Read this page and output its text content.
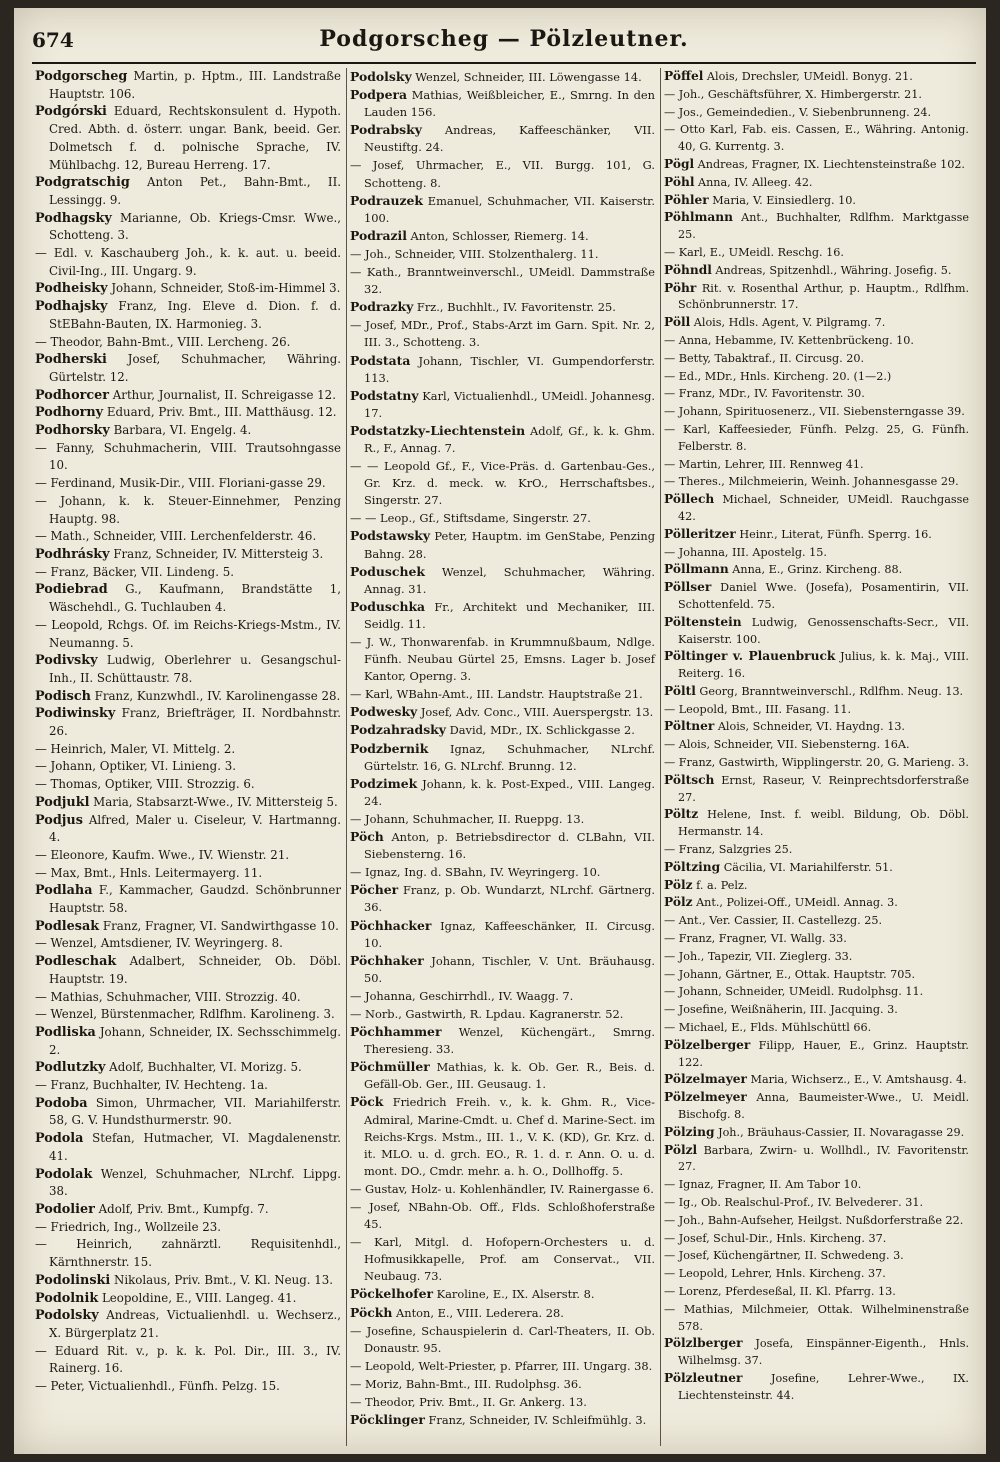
674	Podgorscheg — Pölzleutner.

Podgorscheg Martin, p. Hptm., III. Landstraße Hauptstr. 106.

Podgórski Eduard, Rechtskonsulent d. Hypoth. Cred. Abth. d. österr. ungar. Bank, beeid. Ger. Dolmetsch f. d. polnische Sprache, IV. Mühlbachg. 12, Bureau Herreng. 17.

Podgratschig Anton Pet., Bahn-Bmt., II. Lessingg. 9.

Podhagsky Marianne, Ob. Kriegs-Cmsr. Wwe., Schotteng. 3.

— Edl. v. Kaschauberg Joh., k. k. aut. u. beeid. Civil-Ing., III. Ungarg. 9.

Podheisky Johann, Schneider, Stoß-im-Himmel 3.

Podhajsky Franz, Ing. Eleve d. Dion. f. d. StEBahn-Bauten, IX. Harmonieg. 3.

— Theodor, Bahn-Bmt., VIII. Lercheng. 26.

Podherski Josef, Schuhmacher, Währing. Gürtelstr. 12.

Podhorcer Arthur, Journalist, II. Schreigasse 12.

Podhorny Eduard, Priv. Bmt., III. Matthäusg. 12.

Podhorsky Barbara, VI. Engelg. 4.

— Fanny, Schuhmacherin, VIII. Trautsohngasse 10.

— Ferdinand, Musik-Dir., VIII. Floriani-gasse 29.

— Johann, k. k. Steuer-Einnehmer, Penzing Hauptg. 98.

— Math., Schneider, VIII. Lerchenfelderstr. 46.

Podhrásky Franz, Schneider, IV. Mittersteig 3.

— Franz, Bäcker, VII. Lindeng. 5.

Podiebrad G., Kaufmann, Brandstätte 1, Wäschehdl., G. Tuchlauben 4.

— Leopold, Rchgs. Of. im Reichs-Kriegs-Mstm., IV. Neumanng. 5.

Podivsky Ludwig, Oberlehrer u. Gesangschul-Inh., II. Schüttaustr. 78.

Podisch Franz, Kunzwhdl., IV. Karolinengasse 28.

Podiwinsky Franz, Briefträger, II. Nordbahnstr. 26.

— Heinrich, Maler, VI. Mittelg. 2.

— Johann, Optiker, VI. Linieng. 3.

— Thomas, Optiker, VIII. Strozzig. 6.

Podjukl Maria, Stabsarzt-Wwe., IV. Mittersteig 5.

Podjus Alfred, Maler u. Ciseleur, V. Hartmanng. 4.

— Eleonore, Kaufm. Wwe., IV. Wienstr. 21.

— Max, Bmt., Hnls. Leitermayerg. 11.

Podlaha F., Kammacher, Gaudzd. Schönbrunner Hauptstr. 58.

Podlesak Franz, Fragner, VI. Sandwirthgasse 10.

— Wenzel, Amtsdiener, IV. Weyringerg. 8.

Podleschak Adalbert, Schneider, Ob. Döbl. Hauptstr. 19.

— Mathias, Schuhmacher, VIII. Strozzig. 40.

— Wenzel, Bürstenmacher, Rdlfhm. Karolineng. 3.

Podliska Johann, Schneider, IX. Sechsschimmelg. 2.

Podlutzky Adolf, Buchhalter, VI. Morizg. 5.

— Franz, Buchhalter, IV. Hechteng. 1a.

Podoba Simon, Uhrmacher, VII. Mariahilferstr. 58, G. V. Hundsthurmerstr. 90.

Podola Stefan, Hutmacher, VI. Magdalenenstr. 41.

Podolak Wenzel, Schuhmacher, NLrchf. Lippg. 38.

Podolier Adolf, Priv. Bmt., Kumpfg. 7.

— Friedrich, Ing., Wollzeile 23.

— Heinrich, zahnärztl. Requisitenhdl., Kärnthnerstr. 15.

Podolinski Nikolaus, Priv. Bmt., V. Kl. Neug. 13.

Podolnik Leopoldine, E., VIII. Langeg. 41.

Podolsky Andreas, Victualienhdl. u. Wechserz., X. Bürgerplatz 21.

— Eduard Rit. v., p. k. k. Pol. Dir., III. 3., IV. Rainerg. 16.

— Peter, Victualienhdl., Fünfh. Pelzg. 15.

Podolsky Wenzel, Schneider, III. Löwengasse 14.

Podpera Mathias, Weißbleicher, E., Smrng. In den Lauden 156.

Podrabsky Andreas, Kaffeeschänker, VII. Neustiftg. 24.

— Josef, Uhrmacher, E., VII. Burgg. 101, G. Schotteng. 8.

Podrauzek Emanuel, Schuhmacher, VII. Kaiserstr. 100.

Podrazil Anton, Schlosser, Riemerg. 14.

— Joh., Schneider, VIII. Stolzenthalerg. 11.

— Kath., Branntweinverschl., UMeidl. Dammstraße 32.

Podrazky Frz., Buchhlt., IV. Favoritenstr. 25.

— Josef, MDr., Prof., Stabs-Arzt im Garn. Spit. Nr. 2, III. 3., Schotteng. 3.

Podstata Johann, Tischler, VI. Gumpendorferstr. 113.

Podstatny Karl, Victualienhdl., UMeidl. Johannesg. 17.

Podstatzky-Liechtenstein Adolf, Gf., k. k. Ghm. R., F., Annag. 7.

— — Leopold Gf., F., Vice-Präs. d. Gartenbau-Ges., Gr. Krz. d. meck. w. KrO., Herrschaftsbes., Singerstr. 27.

— — Leop., Gf., Stiftsdame, Singerstr. 27.

Podstawsky Peter, Hauptm. im GenStabe, Penzing Bahng. 28.

Poduschek Wenzel, Schuhmacher, Währing. Annag. 31.

Poduschka Fr., Architekt und Mechaniker, III. Seidlg. 11.

— J. W., Thonwarenfab. in Krummnußbaum, Ndlge. Fünfh. Neubau Gürtel 25, Emsns. Lager b. Josef Kantor, Operng. 3.

— Karl, WBahn-Amt., III. Landstr. Hauptstraße 21.

Podwesky Josef, Adv. Conc., VIII. Auerspergstr. 13.

Podzahradsky David, MDr., IX. Schlickgasse 2.

Podzbernik Ignaz, Schuhmacher, NLrchf. Gürtelstr. 16, G. NLrchf. Brunng. 12.

Podzimek Johann, k. k. Post-Exped., VIII. Langeg. 24.

— Johann, Schuhmacher, II. Rueppg. 13.

Pöch Anton, p. Betriebsdirector d. CLBahn, VII. Siebensterng. 16.

— Ignaz, Ing. d. SBahn, IV. Weyringerg. 10.

Pöcher Franz, p. Ob. Wundarzt, NLrchf. Gärtnerg. 36.

Pöchhacker Ignaz, Kaffeeschänker, II. Circusg. 10.

Pöchhaker Johann, Tischler, V. Unt. Bräuhausg. 50.

— Johanna, Geschirrhdl., IV. Waagg. 7.

— Norb., Gastwirth, R. Lpdau. Kagranerstr. 52.

Pöchhammer Wenzel, Küchengärt., Smrng. Theresieng. 33.

Pöchmüller Mathias, k. k. Ob. Ger. R., Beis. d. Gefäll-Ob. Ger., III. Geusaug. 1.

Pöck Friedrich Freih. v., k. k. Ghm. R., Vice-Admiral, Marine-Cmdt. u. Chef d. Marine-Sect. im Reichs-Krgs. Mstm., III. 1., V. K. (KD), Gr. Krz. d. it. MLO. u. d. grch. EO., R. 1. d. r. Ann. O. u. d. mont. DO., Cmdr. mehr. a. h. O., Dollhoffg. 5.

— Gustav, Holz- u. Kohlenhändler, IV. Rainergasse 6.

— Josef, NBahn-Ob. Off., Flds. Schloßhoferstraße 45.

— Karl, Mitgl. d. Hofopern-Orchesters u. d. Hofmusikkapelle, Prof. am Conservat., VII. Neubaug. 73.

Pöckelhofer Karoline, E., IX. Alserstr. 8.

Pöckh Anton, E., VIII. Lederera. 28.

— Josefine, Schauspielerin d. Carl-Theaters, II. Ob. Donaustr. 95.

— Leopold, Welt-Priester, p. Pfarrer, III. Ungarg. 38.

— Moriz, Bahn-Bmt., III. Rudolphsg. 36.

— Theodor, Priv. Bmt., II. Gr. Ankerg. 13.

Pöcklinger Franz, Schneider, IV. Schleifmühlg. 3.

Pöffel Alois, Drechsler, UMeidl. Bonyg. 21.

— Joh., Geschäftsführer, X. Himbergerstr. 21.

— Jos., Gemeindedien., V. Siebenbrunneng. 24.

— Otto Karl, Fab. eis. Cassen, E., Währing. Antonig. 40, G. Kurrentg. 3.

Pögl Andreas, Fragner, IX. Liechtensteinstraße 102.

Pöhl Anna, IV. Alleeg. 42.

Pöhler Maria, V. Einsiedlerg. 10.

Pöhlmann Ant., Buchhalter, Rdlfhm. Marktgasse 25.

— Karl, E., UMeidl. Reschg. 16.

Pöhndl Andreas, Spitzenhdl., Währing. Josefig. 5.

Pöhr Rit. v. Rosenthal Arthur, p. Hauptm., Rdlfhm. Schönbrunnerstr. 17.

Pöll Alois, Hdls. Agent, V. Pilgramg. 7.

— Anna, Hebamme, IV. Kettenbrückeng. 10.

— Betty, Tabaktraf., II. Circusg. 20.

— Ed., MDr., Hnls. Kircheng. 20. (1—2.)

— Franz, MDr., IV. Favoritenstr. 30.

— Johann, Spirituosenerz., VII. Siebensterngasse 39.

— Karl, Kaffeesieder, Fünfh. Pelzg. 25, G. Fünfh. Felberstr. 8.

— Martin, Lehrer, III. Rennweg 41.

— Theres., Milchmeierin, Weinh. Johannesgasse 29.

Pöllech Michael, Schneider, UMeidl. Rauchgasse 42.

Pölleritzer Heinr., Literat, Fünfh. Sperrg. 16.

— Johanna, III. Apostelg. 15.

Pöllmann Anna, E., Grinz. Kircheng. 88.

Pöllser Daniel Wwe. (Josefa), Posamentirin, VII. Schottenfeld. 75.

Pöltenstein Ludwig, Genossenschafts-Secr., VII. Kaiserstr. 100.

Pöltinger v. Plauenbruck Julius, k. k. Maj., VIII. Reiterg. 16.

Pöltl Georg, Branntweinverschl., Rdlfhm. Neug. 13.

— Leopold, Bmt., III. Fasang. 11.

Pöltner Alois, Schneider, VI. Haydng. 13.

— Alois, Schneider, VII. Siebensterng. 16A.

— Franz, Gastwirth, Wipplingerstr. 20, G. Marieng. 3.

Pöltsch Ernst, Raseur, V. Reinprechtsdorferstraße 27.

Pöltz Helene, Inst. f. weibl. Bildung, Ob. Döbl. Hermanstr. 14.

— Franz, Salzgries 25.

Pöltzing Cäcilia, VI. Mariahilferstr. 51.

Pölz f. a. Pelz.

Pölz Ant., Polizei-Off., UMeidl. Annag. 3.

— Ant., Ver. Cassier, II. Castellezg. 25.

— Franz, Fragner, VI. Wallg. 33.

— Joh., Tapezir, VII. Zieglerg. 33.

— Johann, Gärtner, E., Ottak. Hauptstr. 705.

— Johann, Schneider, UMeidl. Rudolphsg. 11.

— Josefine, Weißnäherin, III. Jacquing. 3.

— Michael, E., Flds. Mühlschüttl 66.

Pölzelberger Filipp, Hauer, E., Grinz. Hauptstr. 122.

Pölzelmayer Maria, Wichserz., E., V. Amtshausg. 4.

Pölzelmeyer Anna, Baumeister-Wwe., U. Meidl. Bischofg. 8.

Pölzing Joh., Bräuhaus-Cassier, II. Novaragasse 29.

Pölzl Barbara, Zwirn- u. Wollhdl., IV. Favoritenstr. 27.

— Ignaz, Fragner, II. Am Tabor 10.

— Ig., Ob. Realschul-Prof., IV. Belvederег. 31.

— Joh., Bahn-Aufseher, Heilgst. Nußdorferstraße 22.

— Josef, Schul-Dir., Hnls. Kircheng. 37.

— Josef, Küchengärtner, II. Schwedeng. 3.

— Leopold, Lehrer, Hnls. Kircheng. 37.

— Lorenz, Pferdeseßal, II. Kl. Pfarrg. 13.

— Mathias, Milchmeier, Ottak. Wilhelminenstraße 578.

Pölzlberger Josefa, Einspänner-Eigenth., Hnls. Wilhelmsg. 37.

Pölzleutner Josefine, Lehrer-Wwe., IX. Liechtensteinstr. 44.
